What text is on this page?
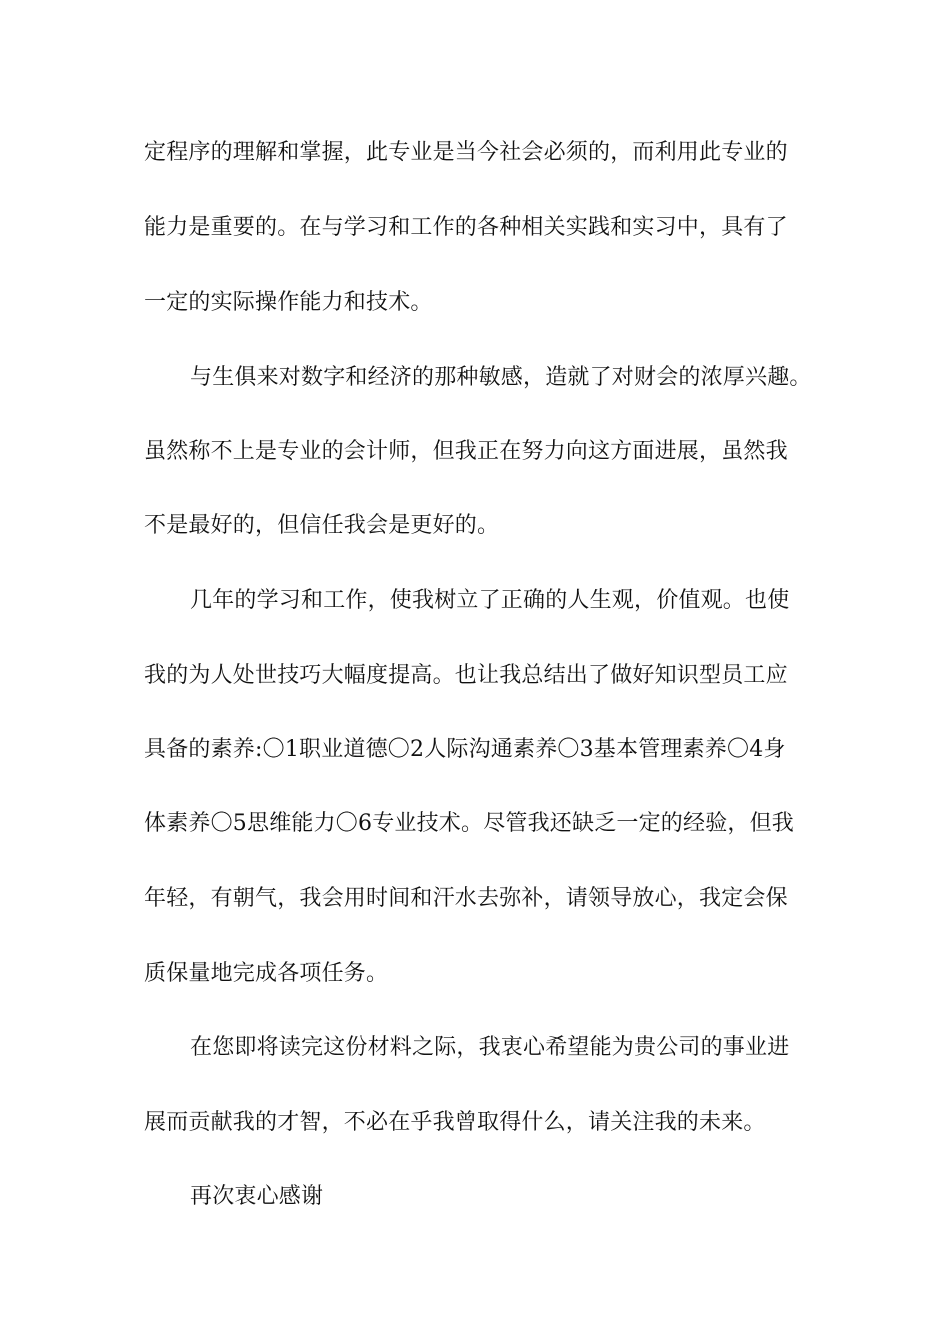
定程序的理解和掌握，此专业是当今社会必须的，而利用此专业的
能力是重要的。在与学习和工作的各种相关实践和实习中，具有了
一定的实际操作能力和技术。
与生俱来对数字和经济的那种敏感，造就了对财会的浓厚兴趣。
虽然称不上是专业的会计师，但我正在努力向这方面进展，虽然我
不是最好的，但信任我会是更好的。
几年的学习和工作，使我树立了正确的人生观，价值观。也使
我的为人处世技巧大幅度提高。也让我总结出了做好知识型员工应
具备的素养:〇1职业道德〇2人际沟通素养〇3基本管理素养〇4身
体素养〇5思维能力〇6专业技术。尽管我还缺乏一定的经验，但我
年轻，有朝气，我会用时间和汗水去弥补，请领导放心，我定会保
质保量地完成各项任务。
在您即将读完这份材料之际，我衷心希望能为贵公司的事业进
展而贡献我的才智，不必在乎我曾取得什么，请关注我的未来。
再次衷心感谢
